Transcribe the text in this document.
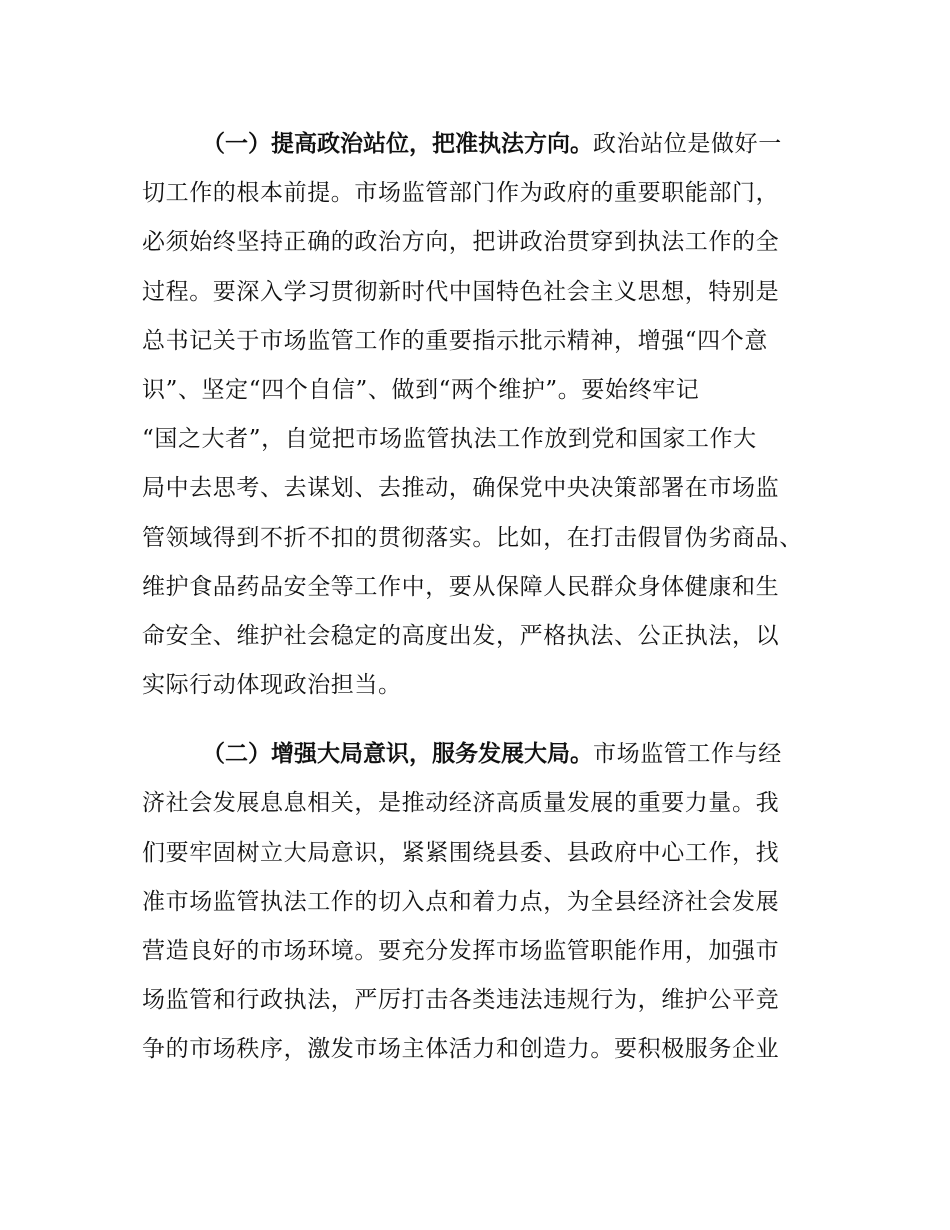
（一）提高政治站位，把准执法方向。政治站位是做好一
切工作的根本前提。市场监管部门作为政府的重要职能部门，
必须始终坚持正确的政治方向，把讲政治贯穿到执法工作的全
过程。要深入学习贯彻新时代中国特色社会主义思想，特别是
总书记关于市场监管工作的重要指示批示精神，增强“四个意
识”、坚定“四个自信”、做到“两个维护”。要始终牢记
“国之大者”，自觉把市场监管执法工作放到党和国家工作大
局中去思考、去谋划、去推动，确保党中央决策部署在市场监
管领域得到不折不扣的贯彻落实。比如，在打击假冒伪劣商品、
维护食品药品安全等工作中，要从保障人民群众身体健康和生
命安全、维护社会稳定的高度出发，严格执法、公正执法，以
实际行动体现政治担当。
（二）增强大局意识，服务发展大局。市场监管工作与经
济社会发展息息相关，是推动经济高质量发展的重要力量。我
们要牢固树立大局意识，紧紧围绕县委、县政府中心工作，找
准市场监管执法工作的切入点和着力点，为全县经济社会发展
营造良好的市场环境。要充分发挥市场监管职能作用，加强市
场监管和行政执法，严厉打击各类违法违规行为，维护公平竞
争的市场秩序，激发市场主体活力和创造力。要积极服务企业
